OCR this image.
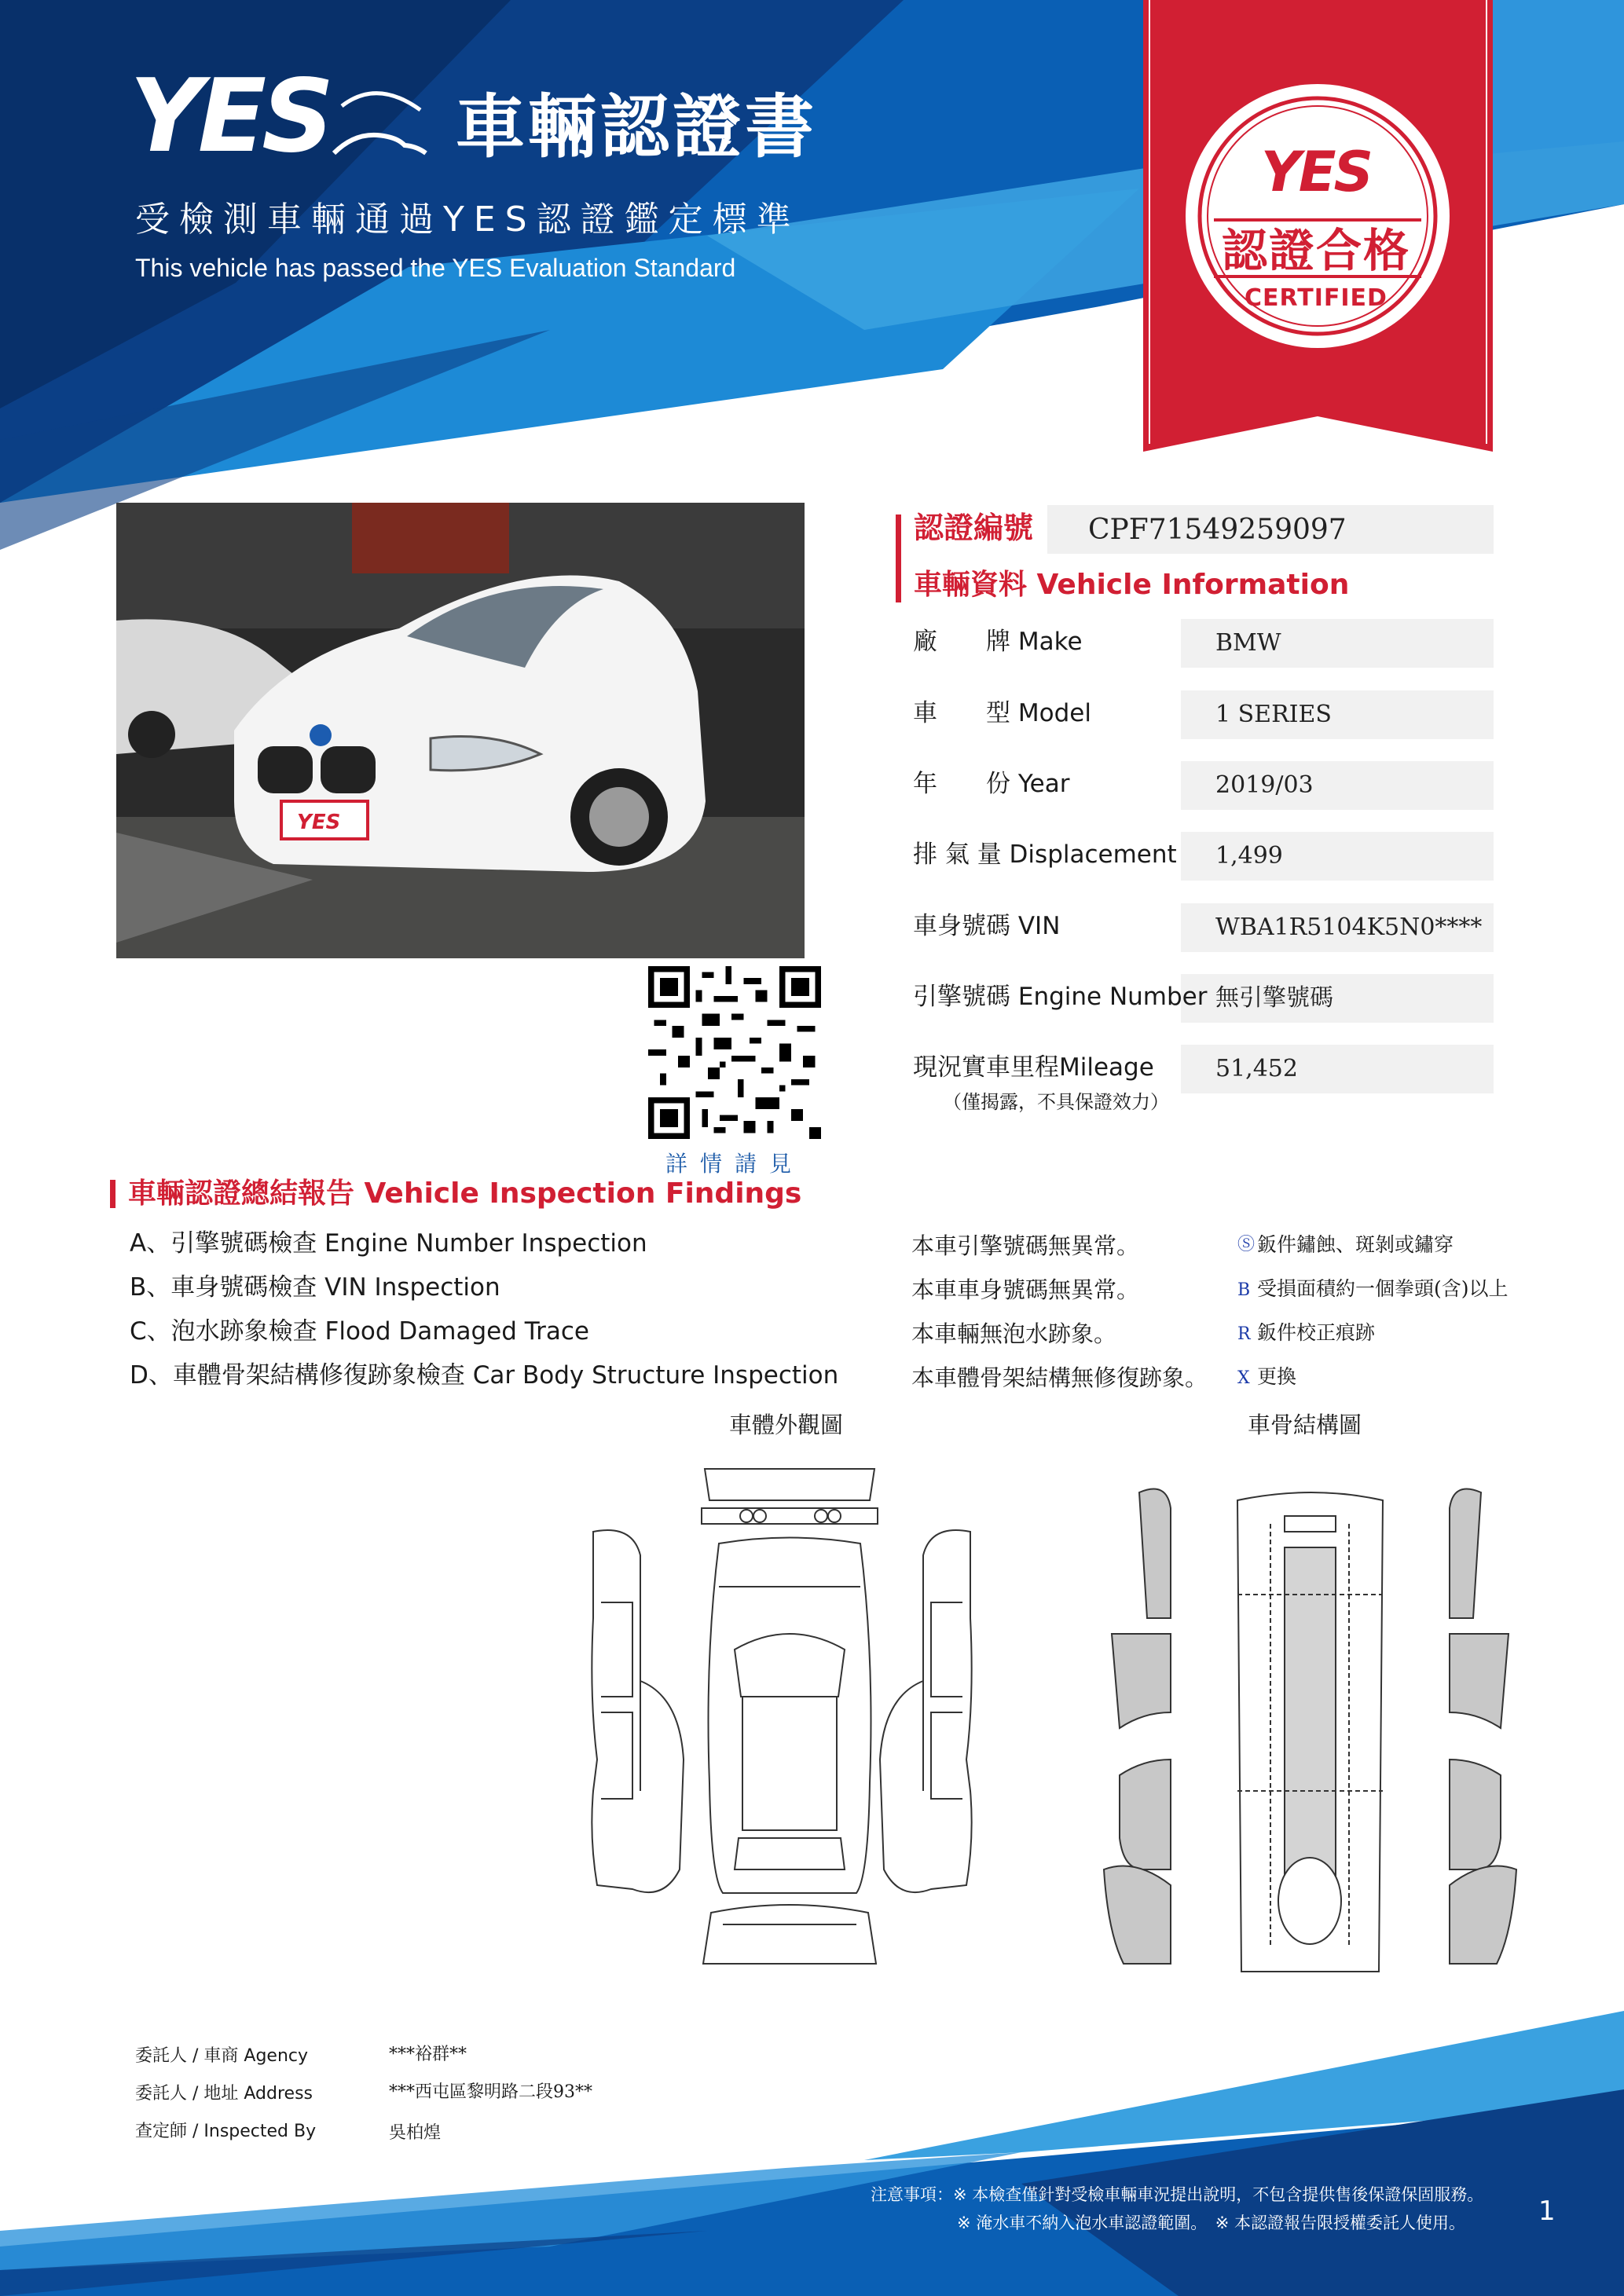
YES 車輛認證書
受檢測車輛通過YES認證鑑定標準
This vehicle has passed the YES Evaluation Standard
YES
認證合格
CERTIFIED
YES
詳情請見
認證編號 CPF71549259097
車輛資料 Vehicle Information
廠　　牌 Make	BMW
車　　型 Model	1 SERIES
年　　份 Year	2019/03
排 氣 量 Displacement 1,499
車身號碼 VIN	WBA1R5104K5N0****
引擎號碼 Engine Number 無引擎號碼
現況實車里程Mileage	51,452
（僅揭露，不具保證效力）
車輛認證總結報告 Vehicle Inspection Findings
A、引擎號碼檢查 Engine Number Inspection
B、車身號碼檢查 VIN Inspection
C、泡水跡象檢查 Flood Damaged Trace
D、車體骨架結構修復跡象檢查 Car Body Structure Inspection
本車引擎號碼無異常。
本車車身號碼無異常。
本車輛無泡水跡象。
本車體骨架結構無修復跡象。
Ⓢ 鈑件鏽蝕、斑剝或鏽穿
B 受損面積約一個拳頭(含)以上
R 鈑件校正痕跡
X 更換
車體外觀圖	車骨結構圖
委託人 / 車商 Agency	***裕群**
委託人 / 地址 Address	***西屯區黎明路二段93**
查定師 / Inspected By	吳柏煌
注意事項：※ 本檢查僅針對受檢車輛車況提出說明，不包含提供售後保證保固服務。
※ 淹水車不納入泡水車認證範圍。　※ 本認證報告限授權委託人使用。	1
